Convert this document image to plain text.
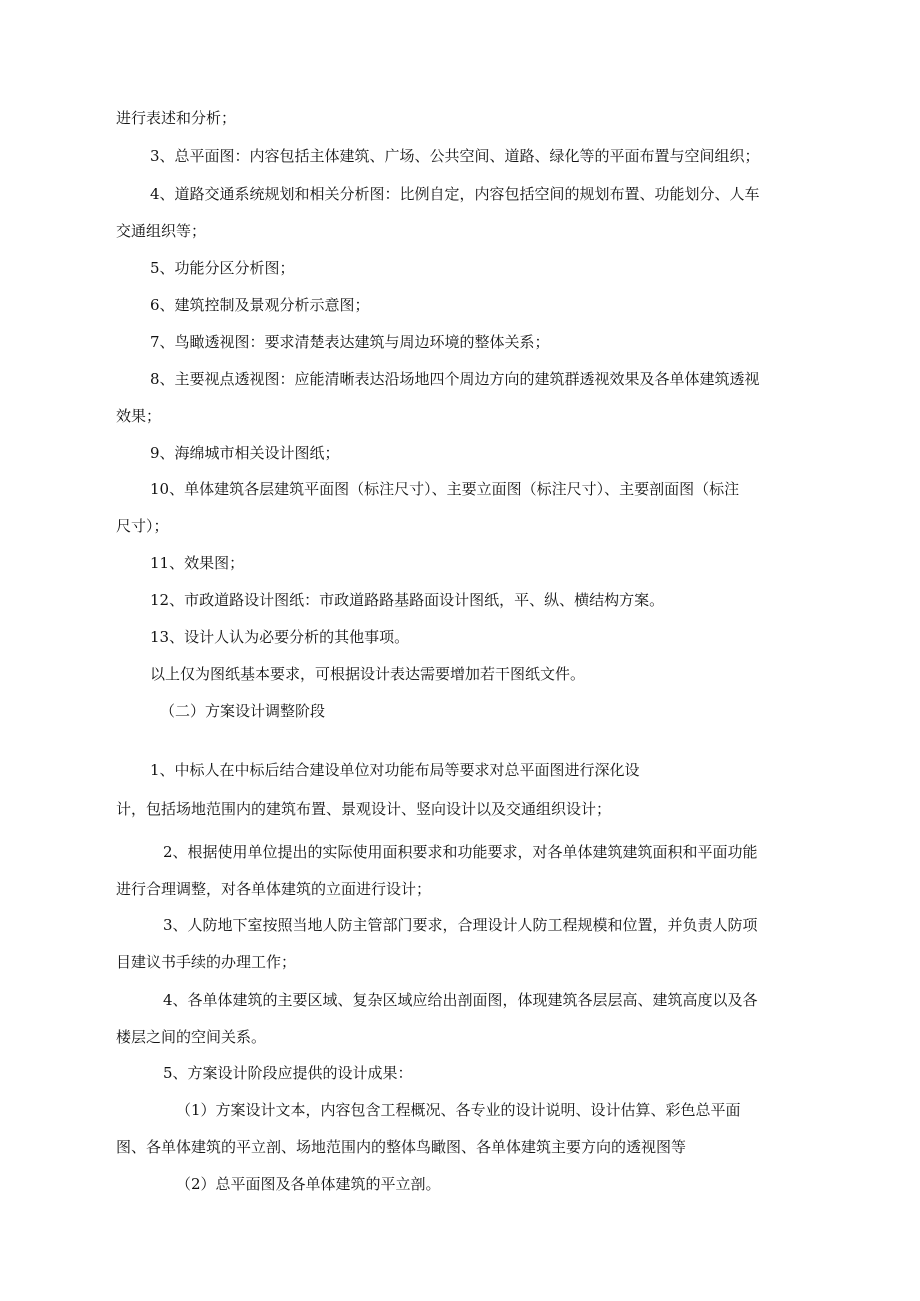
进行表述和分析；

3、总平面图：内容包括主体建筑、广场、公共空间、道路、绿化等的平面布置与空间组织；

4、道路交通系统规划和相关分析图：比例自定，内容包括空间的规划布置、功能划分、人车

交通组织等；

5、功能分区分析图；

6、建筑控制及景观分析示意图；

7、鸟瞰透视图：要求清楚表达建筑与周边环境的整体关系；

8、主要视点透视图：应能清晰表达沿场地四个周边方向的建筑群透视效果及各单体建筑透视

效果；

9、海绵城市相关设计图纸；

10、单体建筑各层建筑平面图（标注尺寸）、主要立面图（标注尺寸）、主要剖面图（标注

尺寸）；

11、效果图；

12、市政道路设计图纸：市政道路路基路面设计图纸，平、纵、横结构方案。

13、设计人认为必要分析的其他事项。

以上仅为图纸基本要求，可根据设计表达需要增加若干图纸文件。

（二）方案设计调整阶段

1、中标人在中标后结合建设单位对功能布局等要求对总平面图进行深化设

计，包括场地范围内的建筑布置、景观设计、竖向设计以及交通组织设计；

2、根据使用单位提出的实际使用面积要求和功能要求，对各单体建筑建筑面积和平面功能

进行合理调整，对各单体建筑的立面进行设计；

3、人防地下室按照当地人防主管部门要求，合理设计人防工程规模和位置，并负责人防项

目建议书手续的办理工作；

4、各单体建筑的主要区域、复杂区域应给出剖面图，体现建筑各层层高、建筑高度以及各

楼层之间的空间关系。

5、方案设计阶段应提供的设计成果：

（1）方案设计文本，内容包含工程概况、各专业的设计说明、设计估算、彩色总平面

图、各单体建筑的平立剖、场地范围内的整体鸟瞰图、各单体建筑主要方向的透视图等

（2）总平面图及各单体建筑的平立剖。
